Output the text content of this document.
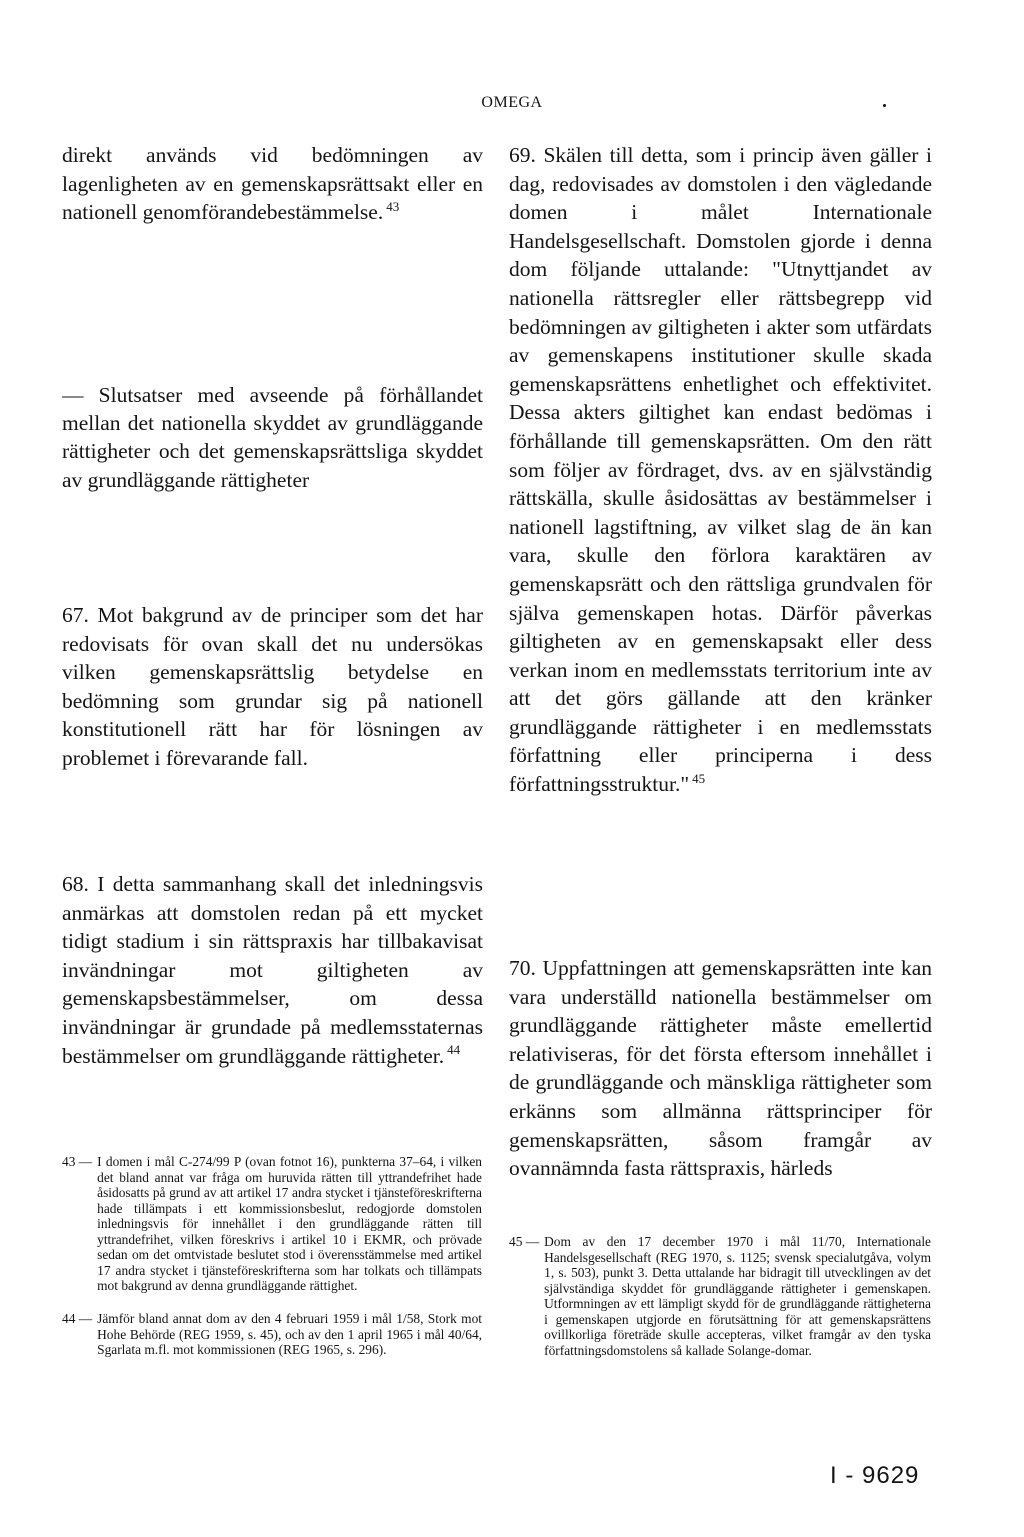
OMEGA
direkt används vid bedömningen av lagenligheten av en gemenskapsrättsakt eller en nationell genomförandebestämmelse. $^{43}$
— Slutsatser med avseende på förhållandet mellan det nationella skyddet av grundläggande rättigheter och det gemenskapsrättsliga skyddet av grundläggande rättigheter
67. Mot bakgrund av de principer som det har redovisats för ovan skall det nu undersökas vilken gemenskapsrättslig betydelse en bedömning som grundar sig på nationell konstitutionell rätt har för lösningen av problemet i förevarande fall.
68. I detta sammanhang skall det inledningsvis anmärkas att domstolen redan på ett mycket tidigt stadium i sin rättspraxis har tillbakavisat invändningar mot giltigheten av gemenskapsbestämmelser, om dessa invändningar är grundade på medlemsstaternas bestämmelser om grundläggande rättigheter. $^{44}$
43 — I domen i mål C-274/99 P (ovan fotnot 16), punkterna 37–64, i vilken det bland annat var fråga om huruvida rätten till yttrandefrihet hade åsidosatts på grund av att artikel 17 andra stycket i tjänsteföreskrifterna hade tillämpats i ett kommissionsbeslut, redogjorde domstolen inledningsvis för innehållet i den grundläggande rätten till yttrandefrihet, vilken föreskrivs i artikel 10 i EKMR, och prövade sedan om det omtvistade beslutet stod i överensstämmelse med artikel 17 andra stycket i tjänsteföreskrifterna som har tolkats och tillämpats mot bakgrund av denna grundläggande rättighet.
44 — Jämför bland annat dom av den 4 februari 1959 i mål 1/58, Stork mot Hohe Behörde (REG 1959, s. 45), och av den 1 april 1965 i mål 40/64, Sgarlata m.fl. mot kommissionen (REG 1965, s. 296).
69. Skälen till detta, som i princip även gäller i dag, redovisades av domstolen i den vägledande domen i målet Internationale Handelsgesellschaft. Domstolen gjorde i denna dom följande uttalande: "Utnyttjandet av nationella rättsregler eller rättsbegrepp vid bedömningen av giltigheten i akter som utfärdats av gemenskapens institutioner skulle skada gemenskapsrättens enhetlighet och effektivitet. Dessa akters giltighet kan endast bedömas i förhållande till gemenskapsrätten. Om den rätt som följer av fördraget, dvs. av en självständig rättskälla, skulle åsidosättas av bestämmelser i nationell lagstiftning, av vilket slag de än kan vara, skulle den förlora karaktären av gemenskapsrätt och den rättsliga grundvalen för själva gemenskapen hotas. Därför påverkas giltigheten av en gemenskapsakt eller dess verkan inom en medlemsstats territorium inte av att det görs gällande att den kränker grundläggande rättigheter i en medlemsstats författning eller principerna i dess författningsstruktur." $^{45}$
70. Uppfattningen att gemenskapsrätten inte kan vara underställd nationella bestämmelser om grundläggande rättigheter måste emellertid relativiseras, för det första eftersom innehållet i de grundläggande och mänskliga rättigheter som erkänns som allmänna rättsprinciper för gemenskapsrätten, såsom framgår av ovannämnda fasta rättspraxis, härleds
45 — Dom av den 17 december 1970 i mål 11/70, Internationale Handelsgesellschaft (REG 1970, s. 1125; svensk specialutgåva, volym 1, s. 503), punkt 3. Detta uttalande har bidragit till utvecklingen av det självständiga skyddet för grundläggande rättigheter i gemenskapen. Utformningen av ett lämpligt skydd för de grundläggande rättigheterna i gemenskapen utgjorde en förutsättning för att gemenskapsrättens ovillkorliga företräde skulle accepteras, vilket framgår av den tyska författningsdomstolens så kallade Solange-domar.
I - 9629
